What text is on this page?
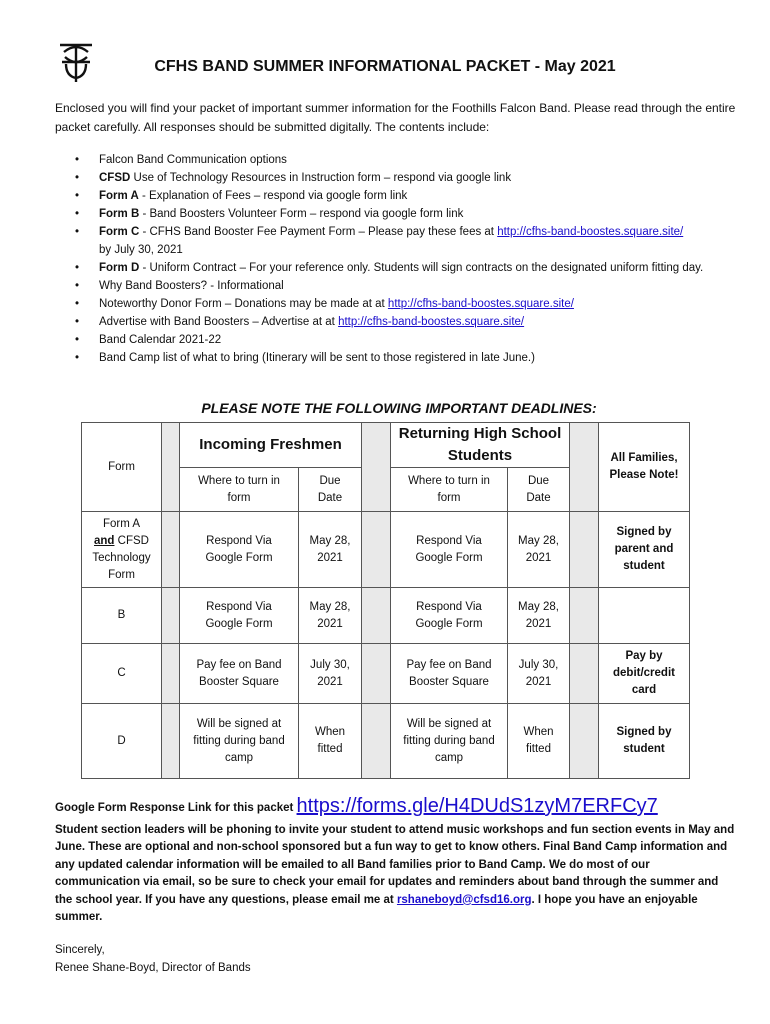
CFHS BAND SUMMER INFORMATIONAL PACKET - May 2021
Enclosed you will find your packet of important summer information for the Foothills Falcon Band. Please read through the entire packet carefully. All responses should be submitted digitally. The contents include:
• Falcon Band Communication options
• CFSD Use of Technology Resources in Instruction form – respond via google link
• Form A - Explanation of Fees – respond via google form link
• Form B - Band Boosters Volunteer Form – respond via google form link
• Form C - CFHS Band Booster Fee Payment Form – Please pay these fees at http://cfhs-band-boostes.square.site/
by July 30, 2021
• Form D - Uniform Contract – For your reference only. Students will sign contracts on the designated uniform fitting day.
• Why Band Boosters? - Informational
• Noteworthy Donor Form – Donations may be made at at http://cfhs-band-boostes.square.site/
• Advertise with Band Boosters – Advertise at at http://cfhs-band-boostes.square.site/
• Band Calendar 2021-22
• Band Camp list of what to bring (Itinerary will be sent to those registered in late June.)
PLEASE NOTE THE FOLLOWING IMPORTANT DEADLINES:
Form		Incoming Freshmen			Returning High School
Students			All Families,
Please Note!
		Where to turn in
form	Due
Date		Where to turn in
form	Due
Date		
Form A
and CFSD
Technology
Form		Respond Via
Google Form	May 28,
2021		Respond Via
Google Form	May 28,
2021		Signed by
parent and
student
B		Respond Via
Google Form	May 28,
2021		Respond Via
Google Form	May 28,
2021		
C		Pay fee on Band
Booster Square	July 30,
2021		Pay fee on Band
Booster Square	July 30,
2021		Pay by
debit/credit
card
D		Will be signed at
fitting during band
camp	When
fitted		Will be signed at
fitting during band
camp	When
fitted		Signed by
student
Google Form Response Link for this packet https://forms.gle/H4DUdS1zyM7ERFCy7
Student section leaders will be phoning to invite your student to attend music workshops and fun section events in May and June. These are optional and non-school sponsored but a fun way to get to know others. Final Band Camp information and any updated calendar information will be emailed to all Band families prior to Band Camp. We do most of our communication via email, so be sure to check your email for updates and reminders about band through the summer and the school year. If you have any questions, please email me at rshaneboyd@cfsd16.org. I hope you have an enjoyable summer.
Sincerely,
Renee Shane-Boyd, Director of Bands
